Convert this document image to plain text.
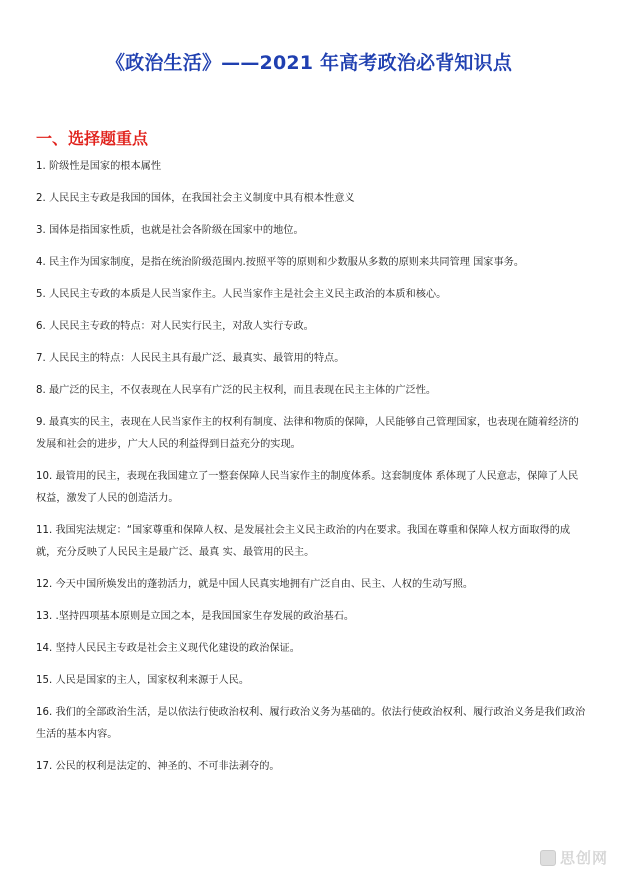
《政治生活》——2021 年高考政治必背知识点
一、选择题重点

1. 阶级性是国家的根本属性

2. 人民民主专政是我国的国体，在我国社会主义制度中具有根本性意义

3. 国体是指国家性质，也就是社会各阶级在国家中的地位。

4. 民主作为国家制度，是指在统治阶级范围内.按照平等的原则和少数服从多数的原则来共同管理 国家事务。

5. 人民民主专政的本质是人民当家作主。人民当家作主是社会主义民主政治的本质和核心。

6. 人民民主专政的特点：对人民实行民主，对敌人实行专政。

7. 人民民主的特点：人民民主具有最广泛、最真实、最管用的特点。

8. 最广泛的民主，不仅表现在人民享有广泛的民主权利，而且表现在民主主体的广泛性。

9. 最真实的民主，表现在人民当家作主的权利有制度、法律和物质的保障，人民能够自己管理国家，也表现在随着经济的发展和社会的进步，广大人民的利益得到日益充分的实现。

10. 最管用的民主，表现在我国建立了一整套保障人民当家作主的制度体系。这套制度体 系体现了人民意志，保障了人民权益，激发了人民的创造活力。

11. 我国宪法规定：“国家尊重和保障人权、是发展社会主义民主政治的内在要求。我国在尊重和保障人权方面取得的成就，充分反映了人民民主是最广泛、最真 实、最管用的民主。

12. 今天中国所焕发出的蓬勃活力，就是中国人民真实地拥有广泛自由、民主、人权的生动写照。

13. .坚持四项基本原则是立国之本，是我国国家生存发展的政治基石。

14. 坚持人民民主专政是社会主义现代化建设的政治保证。

15. 人民是国家的主人，国家权利来源于人民。

16. 我们的全部政治生活，是以依法行使政治权利、履行政治义务为基础的。依法行使政治权利、履行政治义务是我们政治生活的基本内容。

17. 公民的权利是法定的、神圣的、不可非法剥夺的。

思创网
